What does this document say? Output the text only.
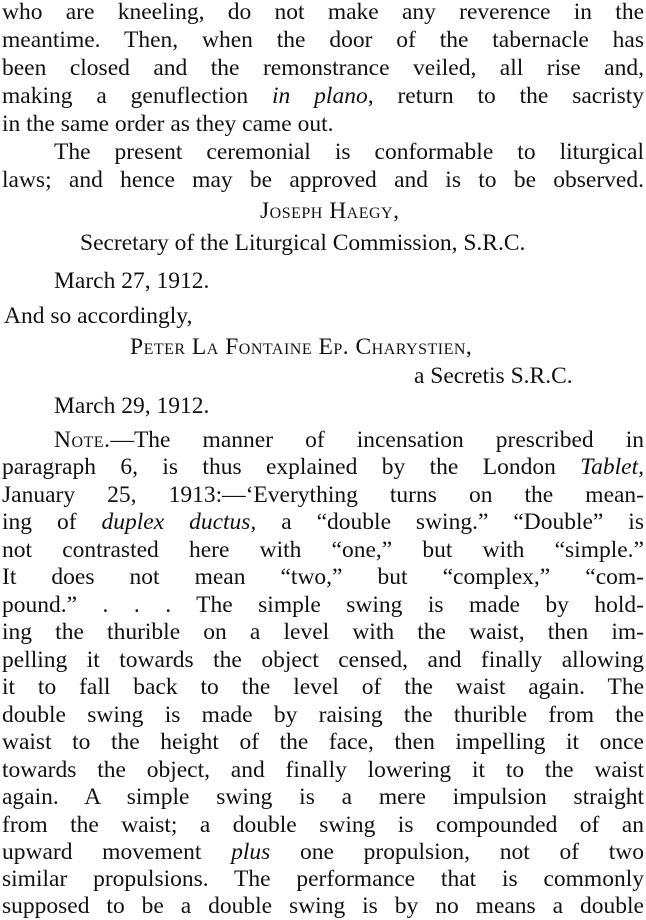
who are kneeling, do not make any reverence in the
meantime. Then, when the door of the tabernacle has
been closed and the remonstrance veiled, all rise and,
making a genuflection in plano, return to the sacristy
in the same order as they came out.
The present ceremonial is conformable to liturgical
laws; and hence may be approved and is to be observed.
Joseph Haegy,
Secretary of the Liturgical Commission, S.R.C.
March 27, 1912.
And so accordingly,
Peter La Fontaine Ep. Charystien,
a Secretis S.R.C.
March 29, 1912.
Note.—The manner of incensation prescribed in
paragraph 6, is thus explained by the London Tablet,
January 25, 1913:—‘Everything turns on the mean-
ing of duplex ductus, a “double swing.” “Double” is
not contrasted here with “one,” but with “simple.”
It does not mean “two,” but “complex,” “com-
pound.” . . . The simple swing is made by hold-
ing the thurible on a level with the waist, then im-
pelling it towards the object censed, and finally allowing
it to fall back to the level of the waist again. The
double swing is made by raising the thurible from the
waist to the height of the face, then impelling it once
towards the object, and finally lowering it to the waist
again. A simple swing is a mere impulsion straight
from the waist; a double swing is compounded of an
upward movement plus one propulsion, not of two
similar propulsions. The performance that is commonly
supposed to be a double swing is by no means a double
